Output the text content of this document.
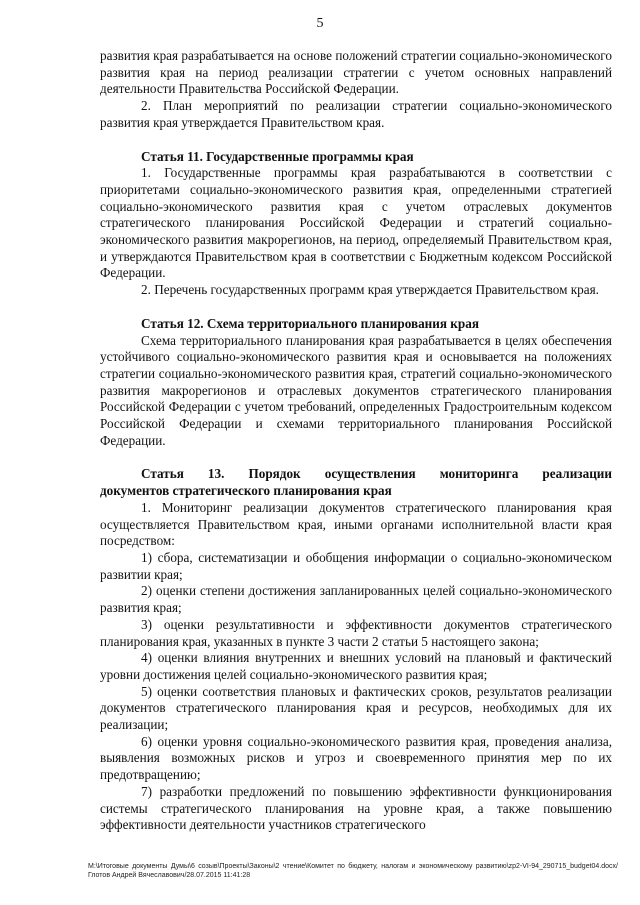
5

развития края разрабатывается на основе положений стратегии социально-экономического развития края на период реализации стратегии с учетом основных направлений деятельности Правительства Российской Федерации.

2. План мероприятий по реализации стратегии социально-экономического развития края утверждается Правительством края.

Статья 11. Государственные программы края

1. Государственные программы края разрабатываются в соответствии с приоритетами социально-экономического развития края, определенными стратегией социально-экономического развития края с учетом отраслевых документов стратегического планирования Российской Федерации и стратегий социально-экономического развития макрорегионов, на период, определяемый Правительством края, и утверждаются Правительством края в соответствии с Бюджетным кодексом Российской Федерации.

2. Перечень государственных программ края утверждается Правительством края.

Статья 12. Схема территориального планирования края

Схема территориального планирования края разрабатывается в целях обеспечения устойчивого социально-экономического развития края и основывается на положениях стратегии социально-экономического развития края, стратегий социально-экономического развития макрорегионов и отраслевых документов стратегического планирования Российской Федерации с учетом требований, определенных Градостроительным кодексом Российской Федерации и схемами территориального планирования Российской Федерации.

Статья 13. Порядок осуществления мониторинга реализации
документов стратегического планирования края

1. Мониторинг реализации документов стратегического планирования края осуществляется Правительством края, иными органами исполнительной власти края посредством:

1) сбора, систематизации и обобщения информации о социально-экономическом развитии края;

2) оценки степени достижения запланированных целей социально-экономического развития края;

3) оценки результативности и эффективности документов стратегического планирования края, указанных в пункте 3 части 2 статьи 5 настоящего закона;

4) оценки влияния внутренних и внешних условий на плановый и фактический уровни достижения целей социально-экономического развития края;

5) оценки соответствия плановых и фактических сроков, результатов реализации документов стратегического планирования края и ресурсов, необходимых для их реализации;

6) оценки уровня социально-экономического развития края, проведения анализа, выявления возможных рисков и угроз и своевременного принятия мер по их предотвращению;

7) разработки предложений по повышению эффективности функционирования системы стратегического планирования на уровне края, а также повышению эффективности деятельности участников стратегического

M:\Итоговые документы Думы\6 созыв\Проекты\Законы\2 чтение\Комитет по бюджету, налогам и экономическому развитию\zp2-VI-94_290715_budget04.docx/Глотов Андрей Вячеславович/28.07.2015 11:41:28
